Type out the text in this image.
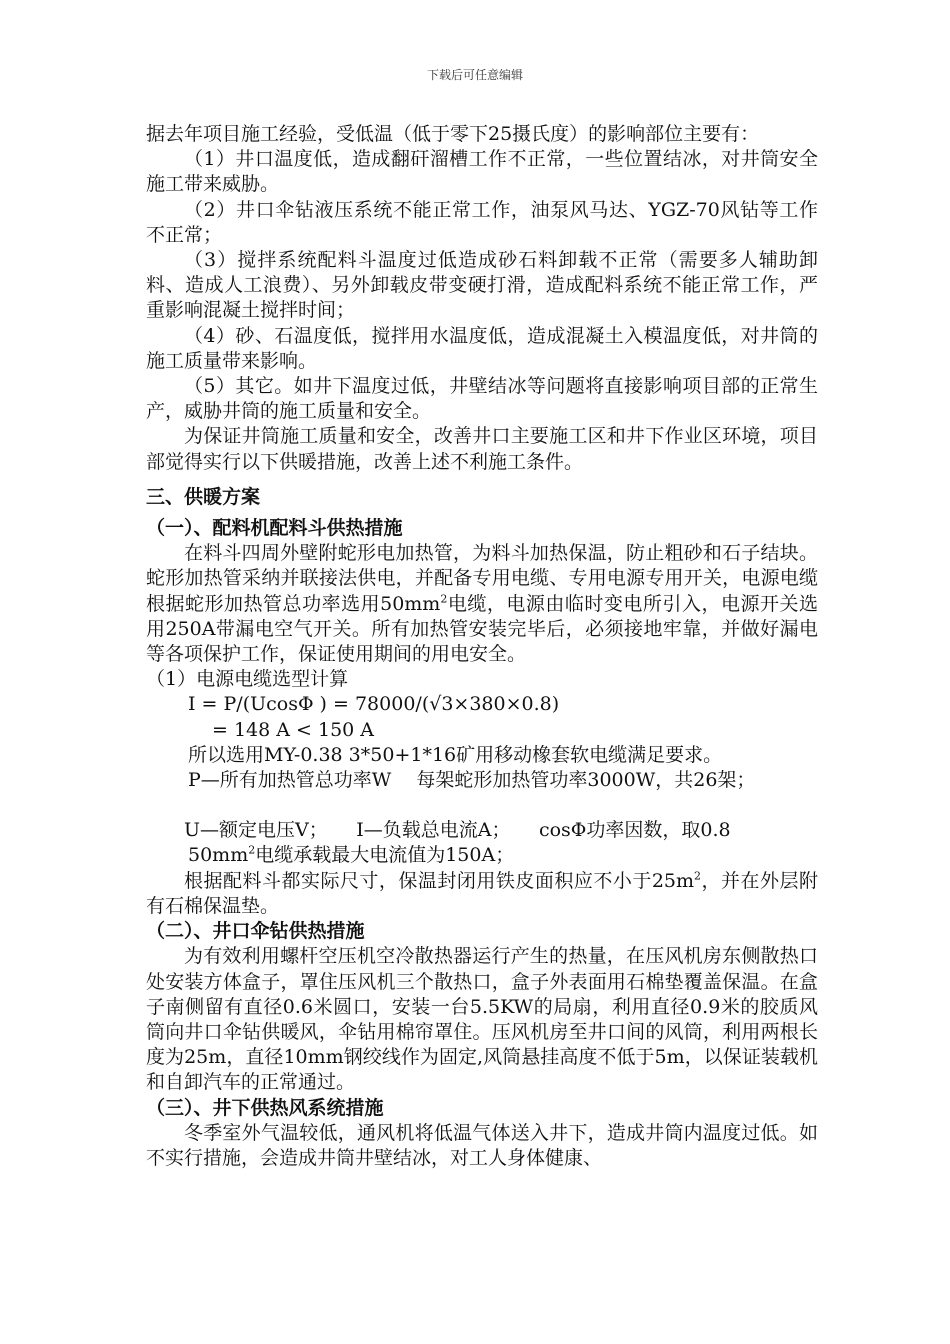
下载后可任意编辑

据去年项目施工经验，受低温（低于零下25摄氏度）的影响部位主要有：

（1）井口温度低，造成翻矸溜槽工作不正常，一些位置结冰，对井筒安全施工带来威胁。

（2）井口伞钻液压系统不能正常工作，油泵风马达、YGZ-70风钻等工作不正常；

（3）搅拌系统配料斗温度过低造成砂石料卸载不正常（需要多人辅助卸料、造成人工浪费）、另外卸载皮带变硬打滑，造成配料系统不能正常工作，严重影响混凝土搅拌时间；

（4）砂、石温度低，搅拌用水温度低，造成混凝土入模温度低，对井筒的施工质量带来影响。

（5）其它。如井下温度过低，井壁结冰等问题将直接影响项目部的正常生产，威胁井筒的施工质量和安全。

为保证井筒施工质量和安全，改善井口主要施工区和井下作业区环境，项目部觉得实行以下供暖措施，改善上述不利施工条件。

三、供暖方案

（一）、配料机配料斗供热措施

在料斗四周外壁附蛇形电加热管，为料斗加热保温，防止粗砂和石子结块。蛇形加热管采纳并联接法供电，并配备专用电缆、专用电源专用开关，电源电缆根据蛇形加热管总功率选用$50mm^2$电缆，电源由临时变电所引入，电源开关选用250A带漏电空气开关。所有加热管安装完毕后，必须接地牢靠，并做好漏电等各项保护工作，保证使用期间的用电安全。

（1）电源电缆选型计算

I = P/(UcosΦ ) = 78000/(√3×380×0.8)

= 148 A < 150 A

所以选用MY-0.38 3*50+1*16矿用移动橡套软电缆满足要求。

P—所有加热管总功率W　 每架蛇形加热管功率3000W，共26架；

U—额定电压V；　　I—负载总电流A；　　cosΦ功率因数，取0.8

$50mm^2$电缆承载最大电流值为150A；

根据配料斗都实际尺寸，保温封闭用铁皮面积应不小于$25m^2$，并在外层附有石棉保温垫。

（二）、井口伞钻供热措施

为有效利用螺杆空压机空冷散热器运行产生的热量，在压风机房东侧散热口处安装方体盒子，罩住压风机三个散热口，盒子外表面用石棉垫覆盖保温。在盒子南侧留有直径0.6米圆口，安装一台5.5KW的局扇，利用直径0.9米的胶质风筒向井口伞钻供暖风，伞钻用棉帘罩住。压风机房至井口间的风筒，利用两根长度为25m，直径10mm钢绞线作为固定,风筒悬挂高度不低于5m，以保证装载机和自卸汽车的正常通过。

（三）、井下供热风系统措施

冬季室外气温较低，通风机将低温气体送入井下，造成井筒内温度过低。如不实行措施，会造成井筒井壁结冰，对工人身体健康、
